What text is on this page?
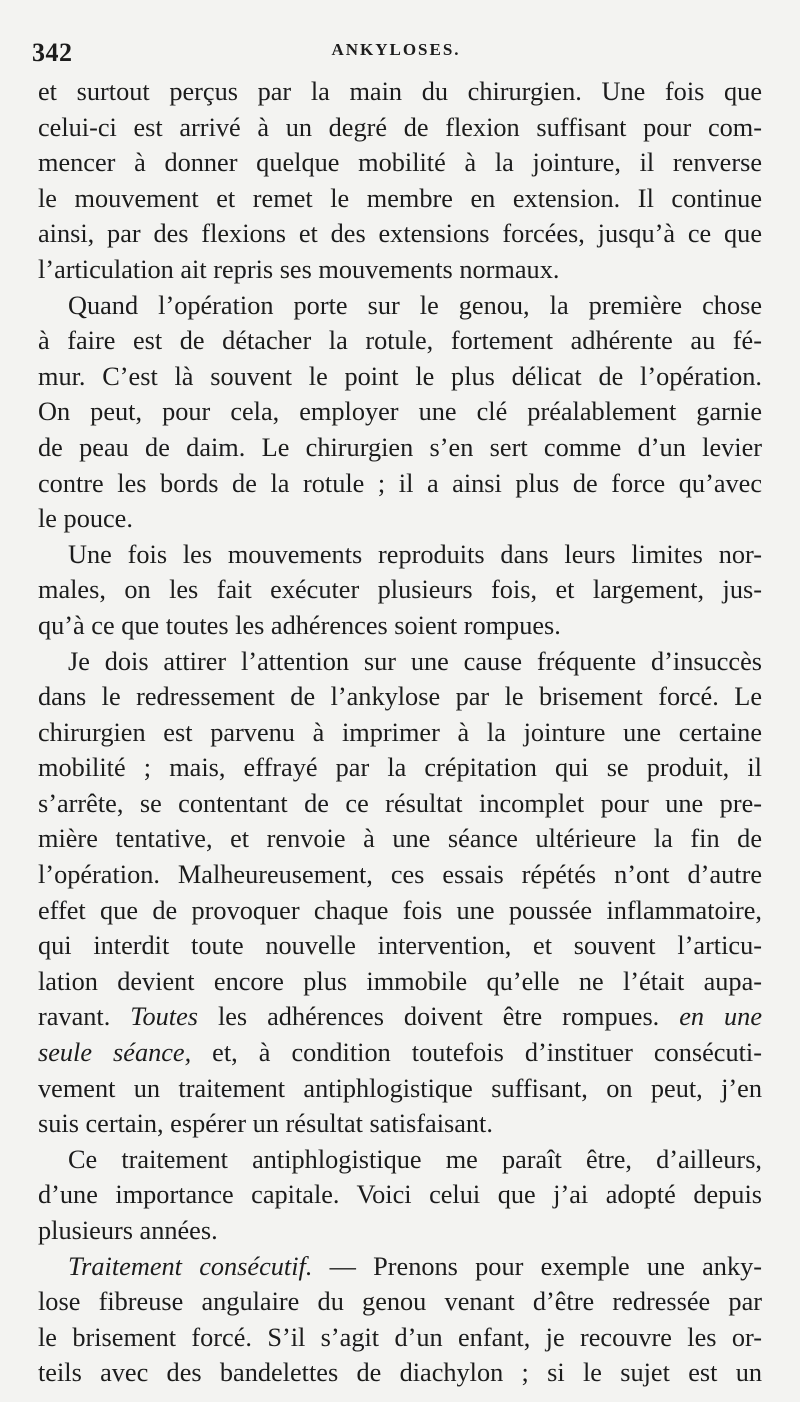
342	ANKYLOSES.
et surtout perçus par la main du chirurgien. Une fois que
celui-ci est arrivé à un degré de flexion suffisant pour com-
mencer à donner quelque mobilité à la jointure, il renverse
le mouvement et remet le membre en extension. Il continue
ainsi, par des flexions et des extensions forcées, jusqu’à ce que
l’articulation ait repris ses mouvements normaux.
Quand l’opération porte sur le genou, la première chose
à faire est de détacher la rotule, fortement adhérente au fé-
mur. C’est là souvent le point le plus délicat de l’opération.
On peut, pour cela, employer une clé préalablement garnie
de peau de daim. Le chirurgien s’en sert comme d’un levier
contre les bords de la rotule ; il a ainsi plus de force qu’avec
le pouce.
Une fois les mouvements reproduits dans leurs limites nor-
males, on les fait exécuter plusieurs fois, et largement, jus-
qu’à ce que toutes les adhérences soient rompues.
Je dois attirer l’attention sur une cause fréquente d’insuccès
dans le redressement de l’ankylose par le brisement forcé. Le
chirurgien est parvenu à imprimer à la jointure une certaine
mobilité ; mais, effrayé par la crépitation qui se produit, il
s’arrête, se contentant de ce résultat incomplet pour une pre-
mière tentative, et renvoie à une séance ultérieure la fin de
l’opération. Malheureusement, ces essais répétés n’ont d’autre
effet que de provoquer chaque fois une poussée inflammatoire,
qui interdit toute nouvelle intervention, et souvent l’articu-
lation devient encore plus immobile qu’elle ne l’était aupa-
ravant. Toutes les adhérences doivent être rompues. en une
seule séance, et, à condition toutefois d’instituer consécuti-
vement un traitement antiphlogistique suffisant, on peut, j’en
suis certain, espérer un résultat satisfaisant.
Ce traitement antiphlogistique me paraît être, d’ailleurs,
d’une importance capitale. Voici celui que j’ai adopté depuis
plusieurs années.
Traitement consécutif. — Prenons pour exemple une anky-
lose fibreuse angulaire du genou venant d’être redressée par
le brisement forcé. S’il s’agit d’un enfant, je recouvre les or-
teils avec des bandelettes de diachylon ; si le sujet est un
